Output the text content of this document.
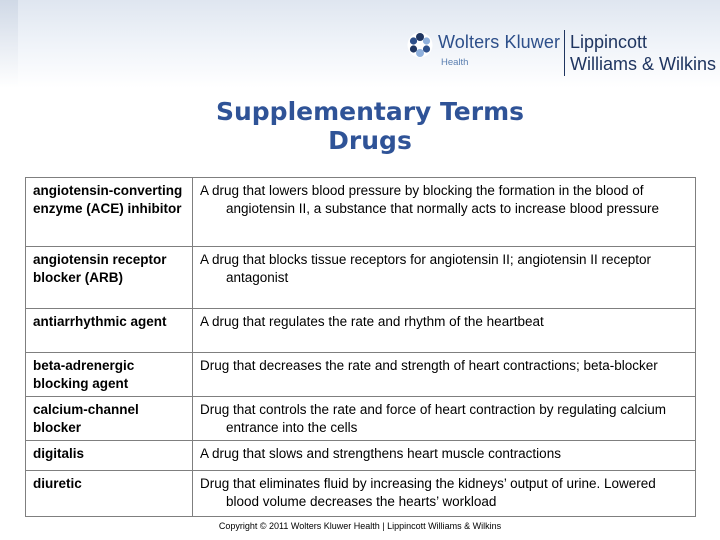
Wolters Kluwer
Health
Lippincott
Williams & Wilkins
Supplementary Terms
Drugs
angiotensin-converting enzyme (ACE) inhibitor	A drug that lowers blood pressure by blocking the formation in the blood of angiotensin II, a substance that normally acts to increase blood pressure

angiotensin receptor blocker (ARB)	A drug that blocks tissue receptors for angiotensin II; angiotensin II receptor antagonist

antiarrhythmic agent	A drug that regulates the rate and rhythm of the heartbeat

beta-adrenergic blocking agent	Drug that decreases the rate and strength of heart contractions; beta-blocker

calcium-channel blocker	Drug that controls the rate and force of heart contraction by regulating calcium entrance into the cells

digitalis	A drug that slows and strengthens heart muscle contractions

diuretic	Drug that eliminates fluid by increasing the kidneys’ output of urine. Lowered blood volume decreases the hearts’ workload
Copyright © 2011 Wolters Kluwer Health | Lippincott Williams & Wilkins
